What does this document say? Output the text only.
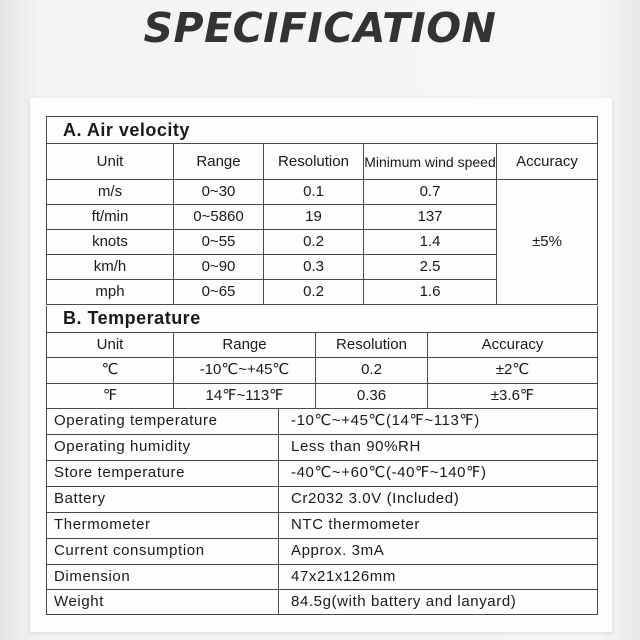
SPECIFICATION
A. Air velocity				
Unit	Range	Resolution	Minimum wind speed	Accuracy
m/s	0~30	0.1	0.7	±5%
ft/min	0~5860	19	137	
knots	0~55	0.2	1.4	
km/h	0~90	0.3	2.5	
mph	0~65	0.2	1.6	
B. Temperature			
Unit	Range	Resolution	Accuracy
℃	-10℃~+45℃	0.2	±2℃
℉	14℉~113℉	0.36	±3.6℉
Operating temperature	-10℃~+45℃(14℉~113℉)
Operating humidity	Less than 90%RH
Store temperature	-40℃~+60℃(-40℉~140℉)
Battery	Cr2032 3.0V (Included)
Thermometer	NTC thermometer
Current consumption	Approx. 3mA
Dimension	47x21x126mm
Weight	84.5g(with battery and lanyard)
